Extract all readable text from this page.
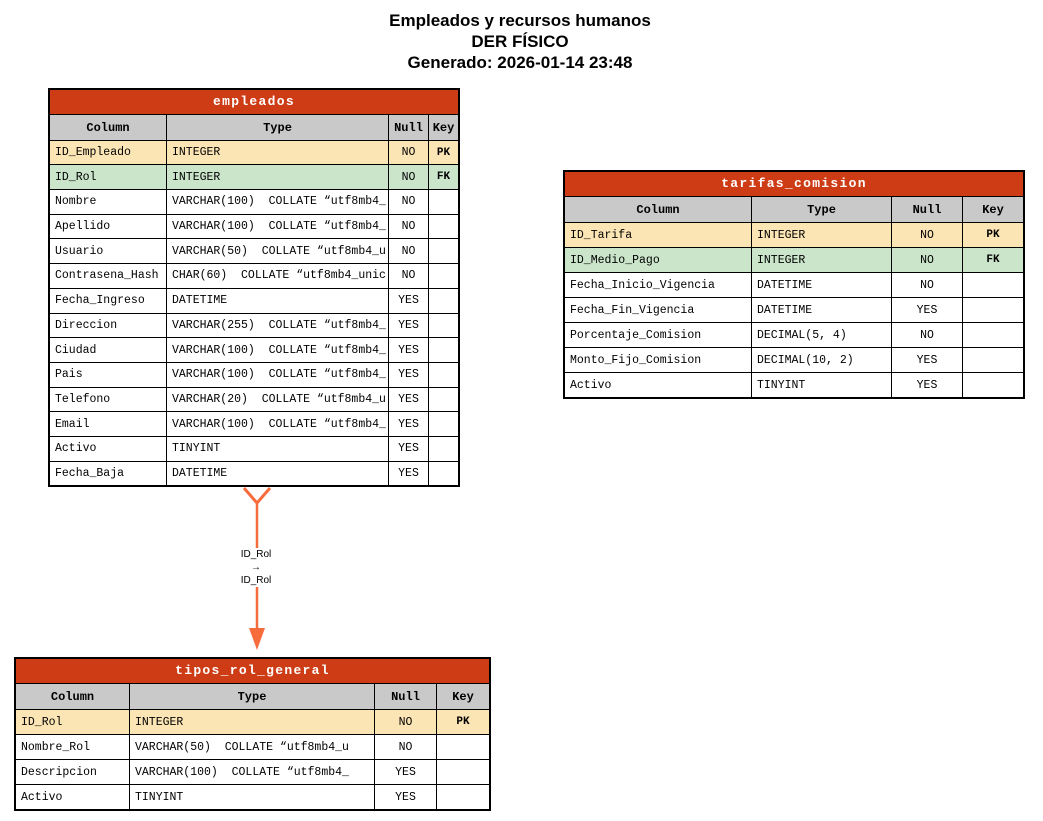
Empleados y recursos humanos
DER FÍSICO
Generado: 2026-01-14 23:48
empleados
Column	Type	Null Key
ID_Empleado	INTEGER	NO	PK
ID_Rol	INTEGER	NO	FK
Nombre	VARCHAR(100)  COLLATE “utf8mb4_	NO
Apellido	VARCHAR(100)  COLLATE “utf8mb4_	NO
Usuario	VARCHAR(50)  COLLATE “utf8mb4_u	NO
Contrasena_Hash	CHAR(60)  COLLATE “utf8mb4_unic	NO
Fecha_Ingreso	DATETIME	YES
Direccion	VARCHAR(255)  COLLATE “utf8mb4_	YES
Ciudad	VARCHAR(100)  COLLATE “utf8mb4_	YES
Pais	VARCHAR(100)  COLLATE “utf8mb4_	YES
Telefono	VARCHAR(20)  COLLATE “utf8mb4_u	YES
Email	VARCHAR(100)  COLLATE “utf8mb4_	YES
Activo	TINYINT	YES
Fecha_Baja	DATETIME	YES
tarifas_comision
Column	Type	Null	Key
ID_Tarifa	INTEGER	NO	PK
ID_Medio_Pago	INTEGER	NO	FK
Fecha_Inicio_Vigencia	DATETIME	NO
Fecha_Fin_Vigencia	DATETIME	YES
Porcentaje_Comision	DECIMAL(5, 4)	NO
Monto_Fijo_Comision	DECIMAL(10, 2)	YES
Activo	TINYINT	YES
tipos_rol_general
Column	Type	Null	Key
ID_Rol	INTEGER	NO	PK
Nombre_Rol	VARCHAR(50)  COLLATE “utf8mb4_u	NO
Descripcion	VARCHAR(100)  COLLATE “utf8mb4_	YES
Activo	TINYINT	YES
ID_Rol
→
ID_Rol
